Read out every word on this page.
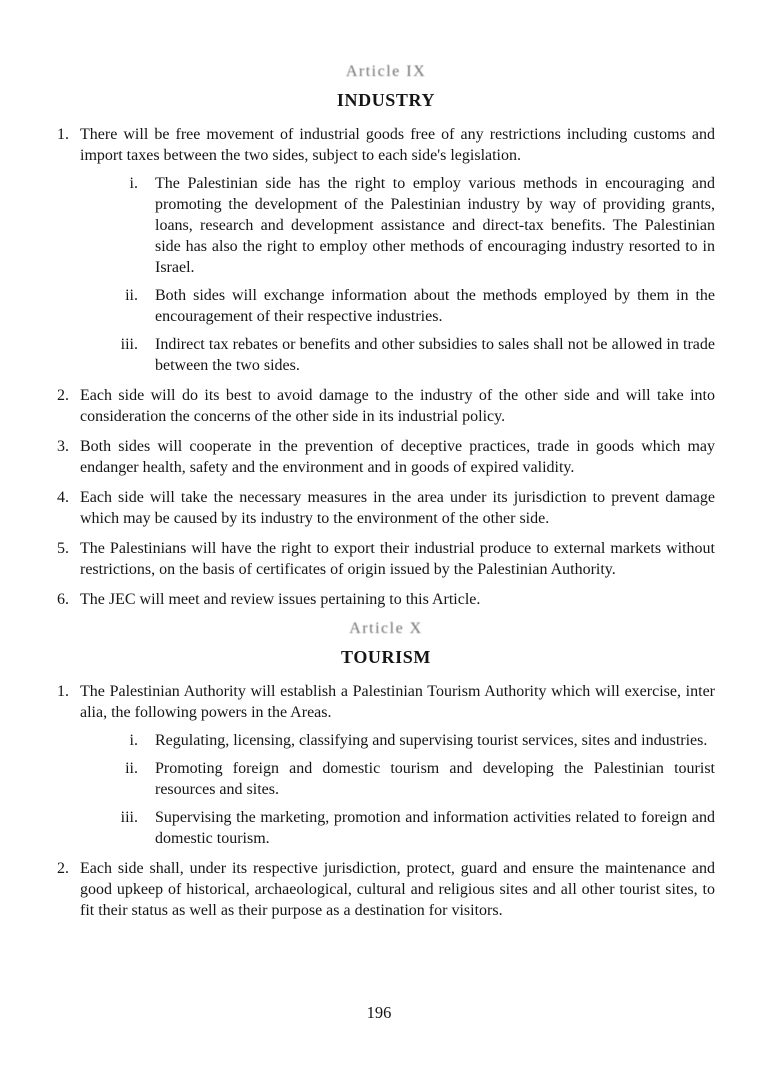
Article IX
INDUSTRY
1. There will be free movement of industrial goods free of any restrictions including customs and import taxes between the two sides, subject to each side's legislation.

i. The Palestinian side has the right to employ various methods in encouraging and promoting the development of the Palestinian industry by way of providing grants, loans, research and development assistance and direct-tax benefits. The Palestinian side has also the right to employ other methods of encouraging industry resorted to in Israel.

ii. Both sides will exchange information about the methods employed by them in the encouragement of their respective industries.

iii. Indirect tax rebates or benefits and other subsidies to sales shall not be allowed in trade between the two sides.

2. Each side will do its best to avoid damage to the industry of the other side and will take into consideration the concerns of the other side in its industrial policy.

3. Both sides will cooperate in the prevention of deceptive practices, trade in goods which may endanger health, safety and the environment and in goods of expired validity.

4. Each side will take the necessary measures in the area under its jurisdiction to prevent damage which may be caused by its industry to the environment of the other side.

5. The Palestinians will have the right to export their industrial produce to external markets without restrictions, on the basis of certificates of origin issued by the Palestinian Authority.

6. The JEC will meet and review issues pertaining to this Article.

Article X
TOURISM
1. The Palestinian Authority will establish a Palestinian Tourism Authority which will exercise, inter alia, the following powers in the Areas.

i. Regulating, licensing, classifying and supervising tourist services, sites and industries.

ii. Promoting foreign and domestic tourism and developing the Palestinian tourist resources and sites.

iii. Supervising the marketing, promotion and information activities related to foreign and domestic tourism.

2. Each side shall, under its respective jurisdiction, protect, guard and ensure the maintenance and good upkeep of historical, archaeological, cultural and religious sites and all other tourist sites, to fit their status as well as their purpose as a destination for visitors.

196
